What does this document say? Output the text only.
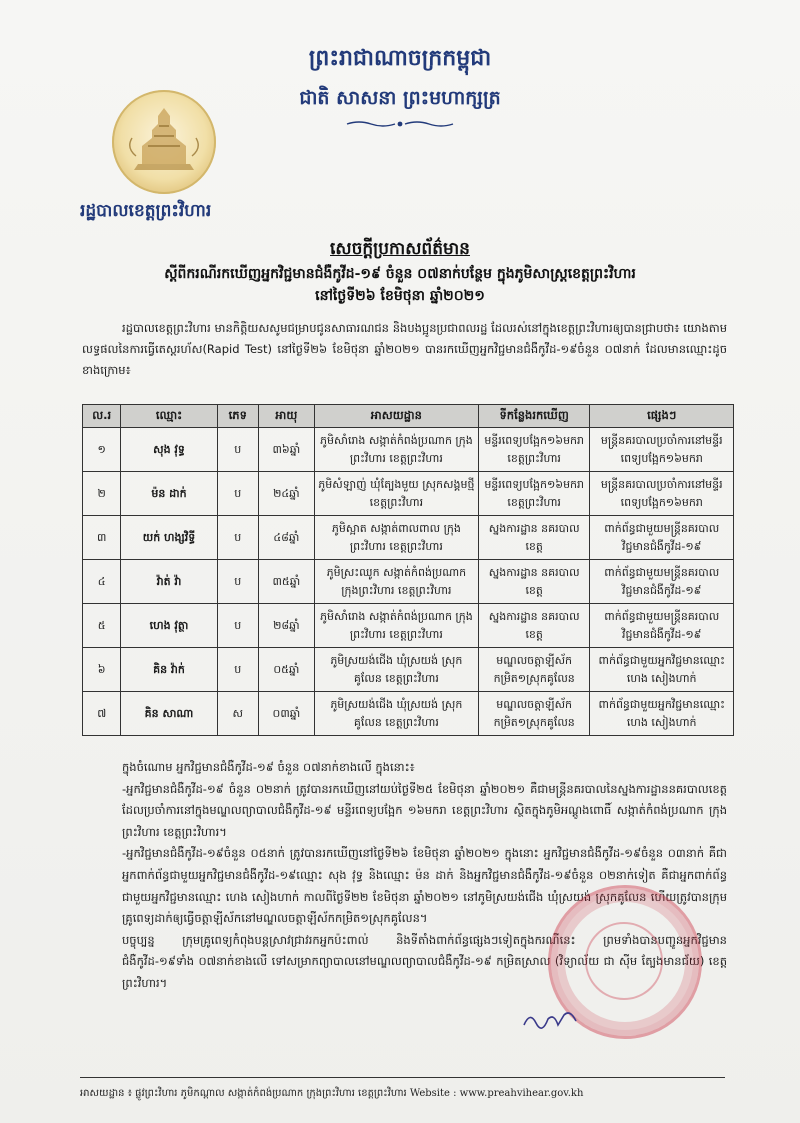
ព្រះរាជាណាចក្រកម្ពុជា
ជាតិ សាសនា ព្រះមហាក្សត្រ
រដ្ឋបាលខេត្តព្រះវិហារ
សេចក្តីប្រកាសព័ត៌មាន
ស្តីពីករណីរកឃើញអ្នកវិជ្ជមានជំងឺកូវីដ-១៩ ចំនួន ០៧នាក់បន្ថែម ក្នុងភូមិសាស្រ្តខេត្តព្រះវិហារ
នៅថ្ងៃទី២៦ ខែមិថុនា ឆ្នាំ២០២១
រដ្ឋបាលខេត្តព្រះវិហារ មានកិត្តិយសសូមជម្រាបជូនសាធារណជន និងបងប្អូនប្រជាពលរដ្ឋ ដែលរស់នៅក្នុងខេត្តព្រះវិហារឲ្យបានជ្រាបថា៖ យោងតាមលទ្ធផលនៃការធ្វើតេស្តរហ័ស(Rapid Test) នៅថ្ងៃទី២៦ ខែមិថុនា ឆ្នាំ២០២១ បានរកឃើញអ្នកវិជ្ជមានជំងឺកូវីដ-១៩ចំនួន ០៧នាក់ ដែលមានឈ្មោះដូចខាងក្រោម៖
ល.រ	ឈ្មោះ	ភេទ	អាយុ	អាសយដ្ឋាន	ទីកន្លែងរកឃើញ	ផ្សេងៗ
១	សុង វុទ្ធ	ប	៣៦ឆ្នាំ	ភូមិសាំរោង សង្កាត់កំពង់ប្រណាក ក្រុងព្រះវិហារ ខេត្តព្រះវិហារ	មន្ទីរពេទ្យបង្អែក១៦មករា ខេត្តព្រះវិហារ	មន្ត្រីនគរបាលប្រចាំការនៅមន្ទីរពេទ្យបង្អែក១៦មករា
២	ម៉ន ដាក់	ប	២៤ឆ្នាំ	ភូមិសំឡាញ់ ឃុំត្បែងមួយ ស្រុកសង្គមថ្មី ខេត្តព្រះវិហារ	មន្ទីរពេទ្យបង្អែក១៦មករា ខេត្តព្រះវិហារ	មន្ត្រីនគរបាលប្រចាំការនៅមន្ទីរពេទ្យបង្អែក១៦មករា
៣	យក់ ហង្សវិទ្ធី	ប	៤៨ឆ្នាំ	ភូមិស្អាត សង្កាត់ពាលពាល ក្រុងព្រះវិហារ ខេត្តព្រះវិហារ	ស្នងការដ្ឋាន នគរបាលខេត្ត	ពាក់ព័ន្ធជាមួយមន្ត្រីនគរបាលវិជ្ជមានជំងឺកូវីដ-១៩
៤	វ៉ាត់ វ៉ា	ប	៣៥ឆ្នាំ	ភូមិស្រះឈូក សង្កាត់កំពង់ប្រណាក ក្រុងព្រះវិហារ ខេត្តព្រះវិហារ	ស្នងការដ្ឋាន នគរបាលខេត្ត	ពាក់ព័ន្ធជាមួយមន្ត្រីនគរបាលវិជ្ជមានជំងឺកូវីដ-១៩
៥	ហេង វុត្ថា	ប	២៨ឆ្នាំ	ភូមិសាំរោង សង្កាត់កំពង់ប្រណាក ក្រុងព្រះវិហារ ខេត្តព្រះវិហារ	ស្នងការដ្ឋាន នគរបាលខេត្ត	ពាក់ព័ន្ធជាមួយមន្ត្រីនគរបាលវិជ្ជមានជំងឺកូវីដ-១៩
៦	គិន វ៉ាក់	ប	០៥ឆ្នាំ	ភូមិស្រយង់ជើង ឃុំស្រយង់ ស្រុកគូលែន ខេត្តព្រះវិហារ	មណ្ឌលចត្តាឡីស័កកម្រិត១ស្រុកគូលែន	ពាក់ព័ន្ធជាមួយអ្នកវិជ្ជមានឈ្មោះ ហេង សៀងហាក់
៧	គិន សាណា	ស	០៣ឆ្នាំ	ភូមិស្រយង់ជើង ឃុំស្រយង់ ស្រុកគូលែន ខេត្តព្រះវិហារ	មណ្ឌលចត្តាឡីស័កកម្រិត១ស្រុកគូលែន	ពាក់ព័ន្ធជាមួយអ្នកវិជ្ជមានឈ្មោះ ហេង សៀងហាក់

ក្នុងចំណោម អ្នកវិជ្ជមានជំងឺកូវីដ-១៩ ចំនួន ០៧នាក់ខាងលើ ក្នុងនោះ៖

-អ្នកវិជ្ជមានជំងឺកូវីដ-១៩ ចំនួន ០២នាក់ ត្រូវបានរកឃើញនៅយប់ថ្ងៃទី២៥ ខែមិថុនា ឆ្នាំ២០២១ គឺជាមន្ត្រីនគរបាលនៃស្នងការដ្ឋាននគរបាលខេត្ត ដែលប្រចាំការនៅក្នុងមណ្ឌលព្យាបាលជំងឺកូវីដ-១៩ មន្ទីរពេទ្យបង្អែក ១៦មករា ខេត្តព្រះវិហារ ស្ថិតក្នុងភូមិអណ្តូងពោធិ៍ សង្កាត់កំពង់ប្រណាក ក្រុងព្រះវិហារ ខេត្តព្រះវិហារ។

-អ្នកវិជ្ជមានជំងឺកូវីដ-១៩ចំនួន ០៥នាក់ ត្រូវបានរកឃើញនៅថ្ងៃទី២៦ ខែមិថុនា ឆ្នាំ២០២១ ក្នុងនោះ អ្នកវិជ្ជមានជំងឺកូវីដ-១៩ចំនួន ០៣នាក់ គឺជាអ្នកពាក់ព័ន្ធជាមួយអ្នកវិជ្ជមានជំងឺកូវីដ-១៩ឈ្មោះ សុង វុទ្ធ និងឈ្មោះ ម៉ន ដាក់ និងអ្នកវិជ្ជមានជំងឺកូវីដ-១៩ចំនួន ០២នាក់ទៀត គឺជាអ្នកពាក់ព័ន្ធជាមួយអ្នកវិជ្ជមានឈ្មោះ ហេង សៀងហាក់ កាលពីថ្ងៃទី២២ ខែមិថុនា ឆ្នាំ២០២១ នៅភូមិស្រយង់ជើង ឃុំស្រយង់ ស្រុកគូលែន ហើយត្រូវបានក្រុមគ្រូពេទ្យដាក់ឲ្យធ្វើចត្តាឡីស័កនៅមណ្ឌលចត្តាឡីស័កកម្រិត១ស្រុកគូលែន។

បច្ចុប្បន្ន ក្រុមគ្រូពេទ្យកំពុងបន្តស្រាវជ្រាវរកអ្នកប៉ះពាល់ និងទីតាំងពាក់ព័ន្ធផ្សេងៗទៀតក្នុងករណីនេះ ព្រមទាំងបានបញ្ជូនអ្នកវិជ្ជមានជំងឺកូវីដ-១៩ទាំង ០៧នាក់ខាងលើ ទៅសម្រាកព្យាបាលនៅមណ្ឌលព្យាបាលជំងឺកូវីដ-១៩ កម្រិតស្រាល (វិទ្យាល័យ ជា ស៊ីម ត្បែងមានជ័យ) ខេត្តព្រះវិហារ។

អាសយដ្ឋាន ៖ ផ្លូវព្រះវិហារ ភូមិកណ្តាល សង្កាត់កំពង់ប្រណាក ក្រុងព្រះវិហារ ខេត្តព្រះវិហារ Website : www.preahvihear.gov.kh
